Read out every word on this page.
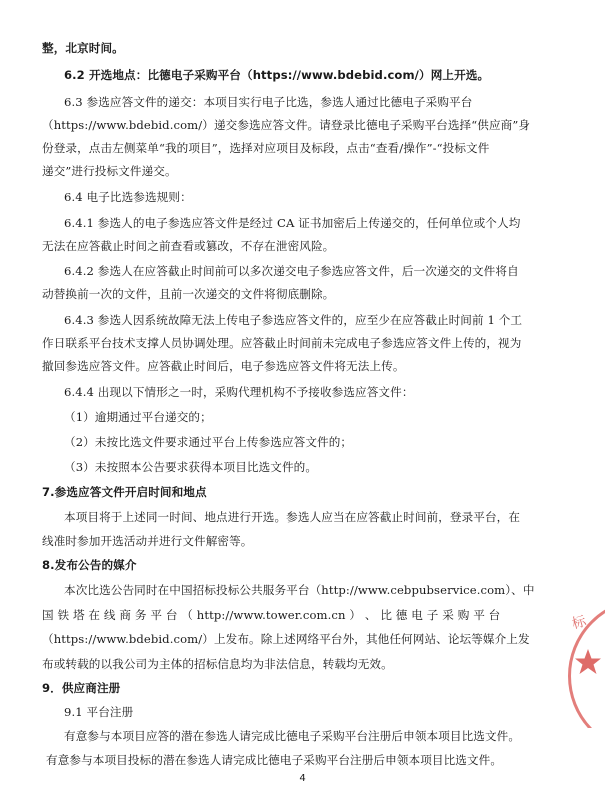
整，北京时间。

6.2 开选地点：比德电子采购平台（https://www.bdebid.com/）网上开选。

6.3 参选应答文件的递交：本项目实行电子比选，参选人通过比德电子采购平台

（https://www.bdebid.com/）递交参选应答文件。请登录比德电子采购平台选择“供应商”身

份登录，点击左侧菜单“我的项目”，选择对应项目及标段，点击“查看/操作”-“投标文件

递交”进行投标文件递交。

6.4 电子比选参选规则：

6.4.1 参选人的电子参选应答文件是经过 CA 证书加密后上传递交的，任何单位或个人均

无法在应答截止时间之前查看或篡改，不存在泄密风险。

6.4.2 参选人在应答截止时间前可以多次递交电子参选应答文件，后一次递交的文件将自

动替换前一次的文件，且前一次递交的文件将彻底删除。

6.4.3 参选人因系统故障无法上传电子参选应答文件的，应至少在应答截止时间前 1 个工

作日联系平台技术支撑人员协调处理。应答截止时间前未完成电子参选应答文件上传的，视为

撤回参选应答文件。应答截止时间后，电子参选应答文件将无法上传。

6.4.4 出现以下情形之一时，采购代理机构不予接收参选应答文件：

（1）逾期通过平台递交的；

（2）未按比选文件要求通过平台上传参选应答文件的；

（3）未按照本公告要求获得本项目比选文件的。

7.参选应答文件开启时间和地点

本项目将于上述同一时间、地点进行开选。参选人应当在应答截止时间前，登录平台，在

线准时参加开选活动并进行文件解密等。

8.发布公告的媒介

本次比选公告同时在中国招标投标公共服务平台（http://www.cebpubservice.com）、中

国 铁 塔 在 线 商 务 平 台 （ http://www.tower.com.cn ） 、 比 德 电 子 采 购 平 台

（https://www.bdebid.com/）上发布。除上述网络平台外，其他任何网站、论坛等媒介上发

布或转载的以我公司为主体的招标信息均为非法信息，转载均无效。

9．供应商注册

9.1 平台注册

有意参与本项目应答的潜在参选人请完成比德电子采购平台注册后申领本项目比选文件。

有意参与本项目投标的潜在参选人请完成比德电子采购平台注册后申领本项目比选文件。

4
标
